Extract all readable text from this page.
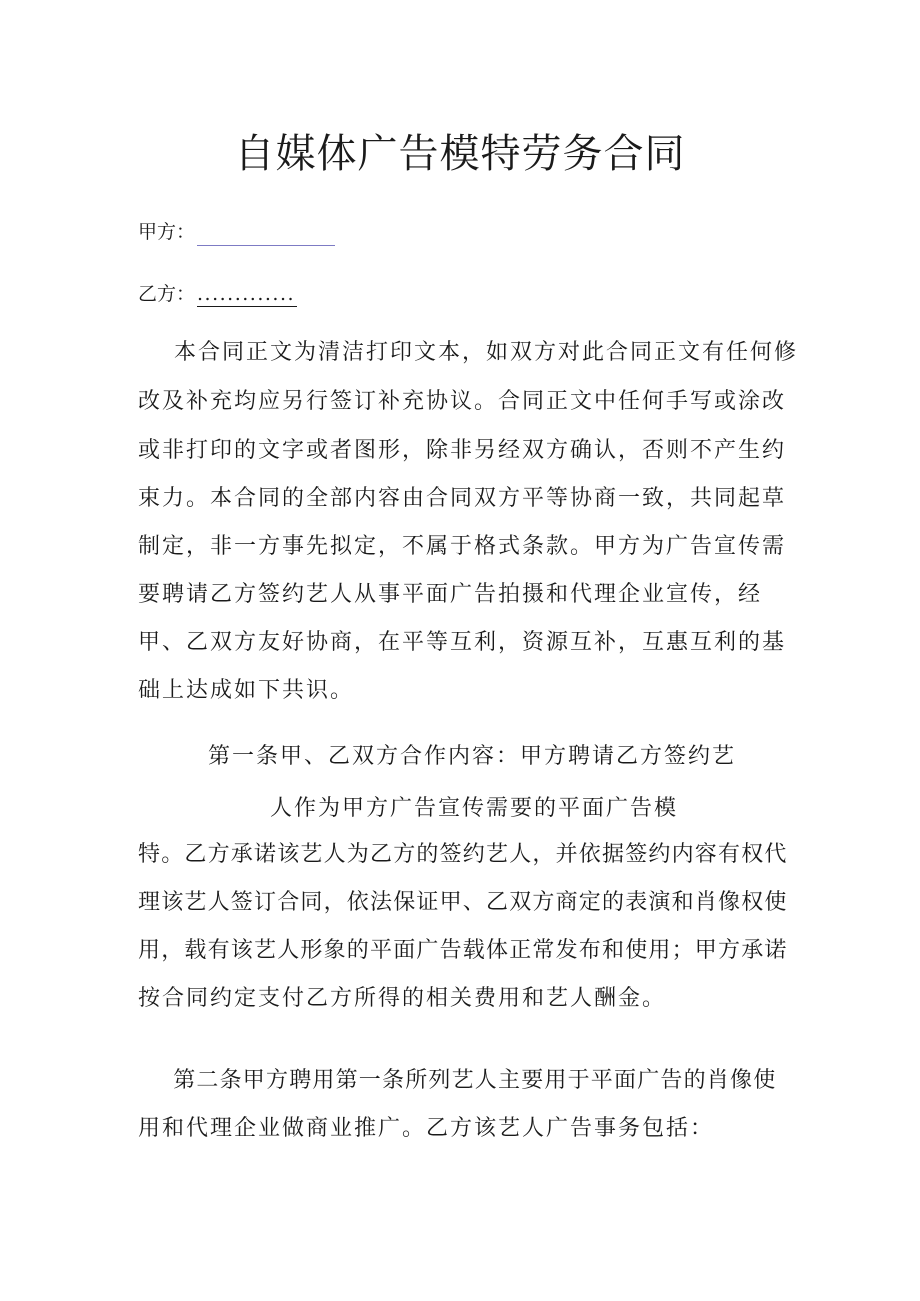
自媒体广告模特劳务合同
甲方：
乙方： .............
　本合同正文为清洁打印文本，如双方对此合同正文有任何修
改及补充均应另行签订补充协议。合同正文中任何手写或涂改
或非打印的文字或者图形，除非另经双方确认，否则不产生约
束力。本合同的全部内容由合同双方平等协商一致，共同起草
制定，非一方事先拟定，不属于格式条款。甲方为广告宣传需
要聘请乙方签约艺人从事平面广告拍摄和代理企业宣传，经
甲、乙双方友好协商，在平等互利，资源互补，互惠互利的基
础上达成如下共识。
第一条甲、乙双方合作内容：甲方聘请乙方签约艺
人作为甲方广告宣传需要的平面广告模
特。乙方承诺该艺人为乙方的签约艺人，并依据签约内容有权代
理该艺人签订合同，依法保证甲、乙双方商定的表演和肖像权使
用，载有该艺人形象的平面广告载体正常发布和使用；甲方承诺
按合同约定支付乙方所得的相关费用和艺人酬金。
　第二条甲方聘用第一条所列艺人主要用于平面广告的肖像使
用和代理企业做商业推广。乙方该艺人广告事务包括：
